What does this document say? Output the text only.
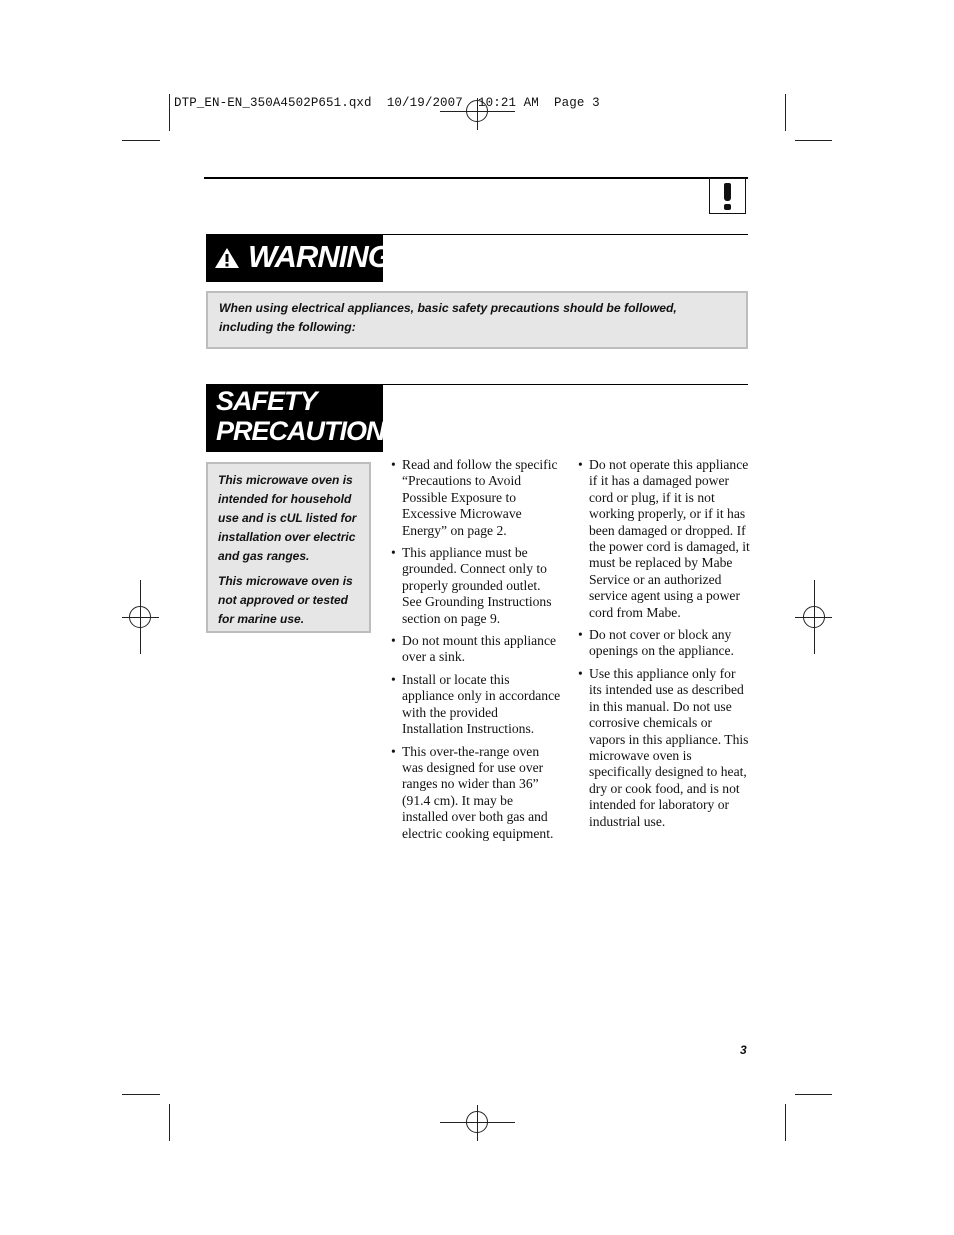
DTP_EN-EN_350A4502P651.qxd  10/19/2007  10:21 AM  Page 3
WARNING
When using electrical appliances, basic safety precautions should be followed, including the following:
SAFETY
PRECAUTIONS

This microwave oven is intended for household use and is cUL listed for installation over electric and gas ranges.

This microwave oven is not approved or tested for marine use.

• Read and follow the specific “Precautions to Avoid Possible Exposure to Excessive Microwave Energy” on page 2.
• This appliance must be grounded. Connect only to properly grounded outlet. See Grounding Instructions section on page 9.
• Do not mount this appliance over a sink.
• Install or locate this appliance only in accordance with the provided Installation Instructions.
• This over-the-range oven was designed for use over ranges no wider than 36” (91.4 cm). It may be installed over both gas and electric cooking equipment.
• Do not operate this appliance if it has a damaged power cord or plug, if it is not working properly, or if it has been damaged or dropped. If the power cord is damaged, it must be replaced by Mabe Service or an authorized service agent using a power cord from Mabe.
• Do not cover or block any openings on the appliance.
• Use this appliance only for its intended use as described in this manual. Do not use corrosive chemicals or vapors in this appliance. This microwave oven is specifically designed to heat, dry or cook food, and is not intended for laboratory or industrial use.
3
